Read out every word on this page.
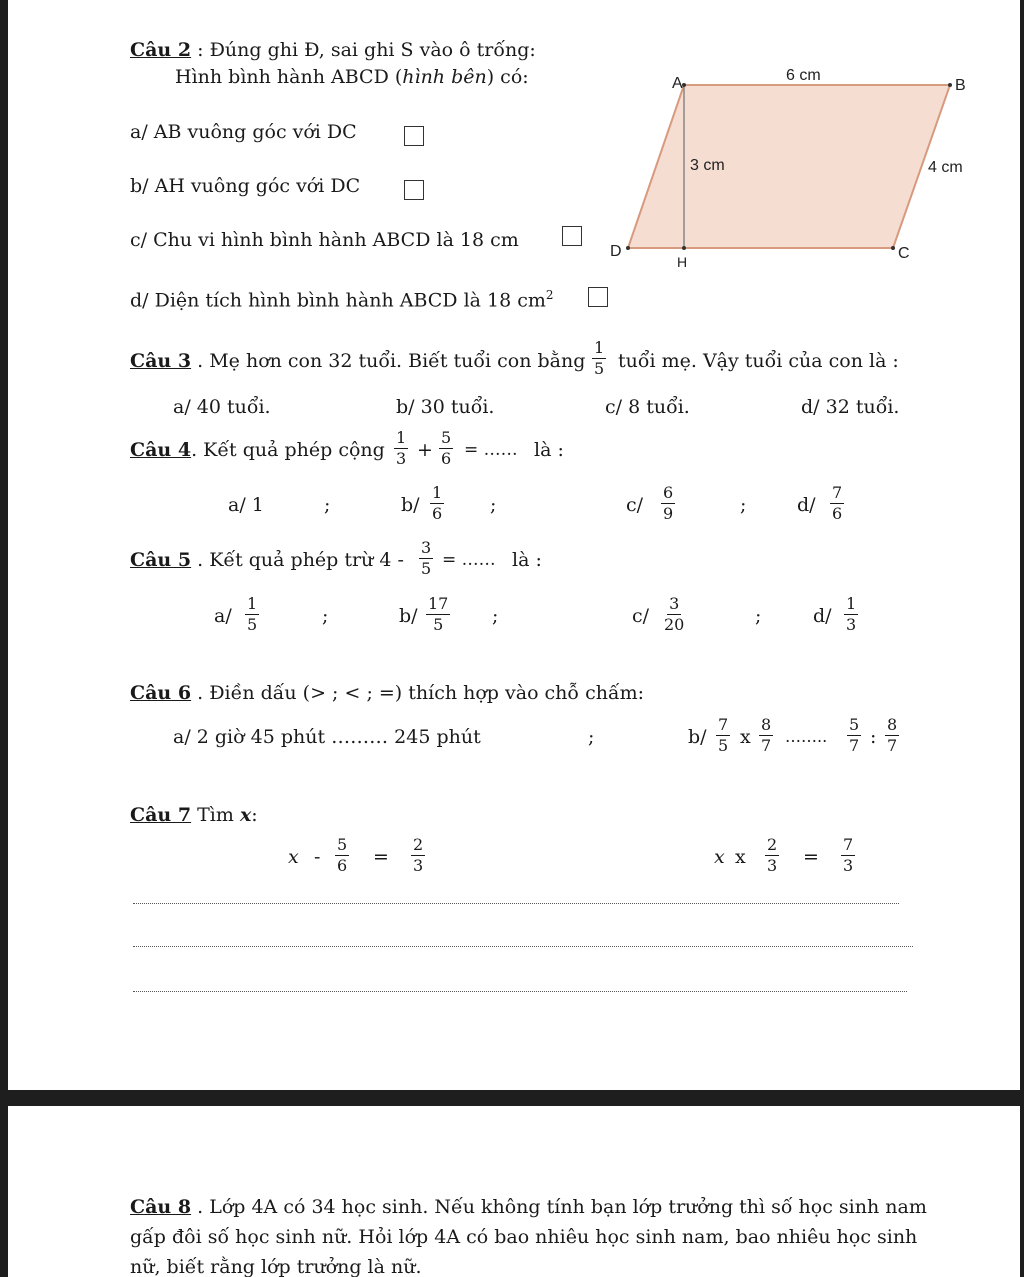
Câu 2 : Đúng ghi Đ, sai ghi S vào ô trống:
Hình bình hành ABCD (hình bên) có:
a/ AB vuông góc với DC
b/ AH vuông góc với DC
c/ Chu vi hình bình hành ABCD là 18 cm
d/ Diện tích hình bình hành ABCD là 18 $cm^2$
A	B
C
D
H
6 cm
3 cm	4 cm
Câu 3 . Mẹ hơn con 32 tuổi. Biết tuổi con bằng $\frac{1}{5}$ tuổi mẹ. Vậy tuổi của con là :
a/ 40 tuổi.	b/ 30 tuổi.	c/ 8 tuổi.	d/ 32 tuổi.
Câu 4. Kết quả phép cộng $\frac{1}{3} + \frac{5}{6}$ = …… là :
a/ 1	;	$b/ \frac{1}{6}$ ;	$c/ \frac{6}{9}$	;	$d/ \frac{7}{6}$
Câu 5 . Kết quả phép trừ $4 - \frac{3}{5}$ = …… là :
$a/ \frac{1}{5}$	;	$b/ \frac{17}{5}$ ;	$c/ \frac{3}{20}$	;	$d/ \frac{1}{3}$
Câu 6 . Điền dấu (> ; < ; =) thích hợp vào chỗ chấm:
a/ 2 giờ 45 phút ……… 245 phút	;	$b/ \frac{7}{5}$ x $\frac{8}{7}$ …….. $\frac{5}{7}$ : $\frac{8}{7}$
Câu 7 Tìm x:
$x - \frac{5}{6} = \frac{2}{3}$	x x $\frac{2}{3} = \frac{7}{3}$
Câu 8 . Lớp 4A có 34 học sinh. Nếu không tính bạn lớp trưởng thì số học sinh nam
gấp đôi số học sinh nữ. Hỏi lớp 4A có bao nhiêu học sinh nam, bao nhiêu học sinh
nữ, biết rằng lớp trưởng là nữ.
